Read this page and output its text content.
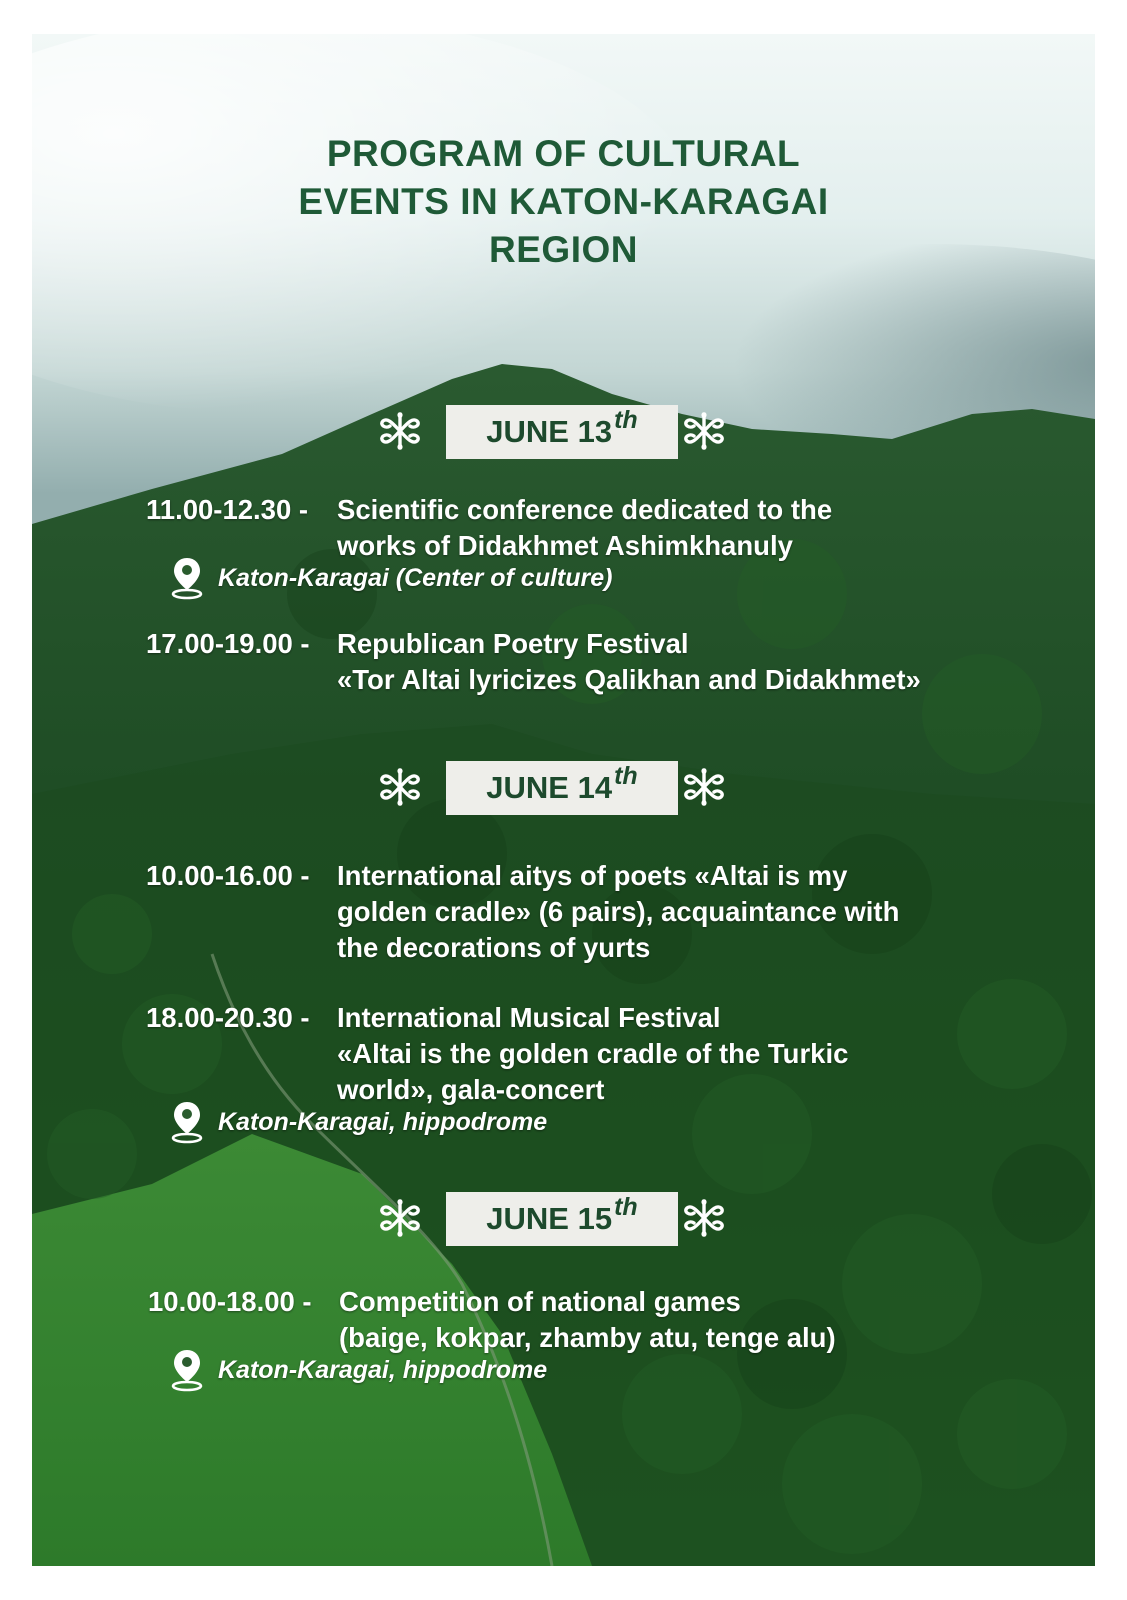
PROGRAM OF CULTURAL
EVENTS IN KATON-KARAGAI
REGION
JUNE 13 th
11.00-12.30 - Scientific conference dedicated to the
works of Didakhmet Ashimkhanuly
Katon-Karagai (Center of culture)
17.00-19.00 - Republican Poetry Festival
«Tor Altai lyricizes Qalikhan and Didakhmet»
JUNE 14 th
10.00-16.00 - International aitys of poets «Altai is my
golden cradle» (6 pairs), acquaintance with
the decorations of yurts
18.00-20.30 - International Musical Festival
«Altai is the golden cradle of the Turkic
world», gala-concert
Katon-Karagai, hippodrome
JUNE 15 th
10.00-18.00 - Competition of national games
(baige, kokpar, zhamby atu, tenge alu)
Katon-Karagai, hippodrome
